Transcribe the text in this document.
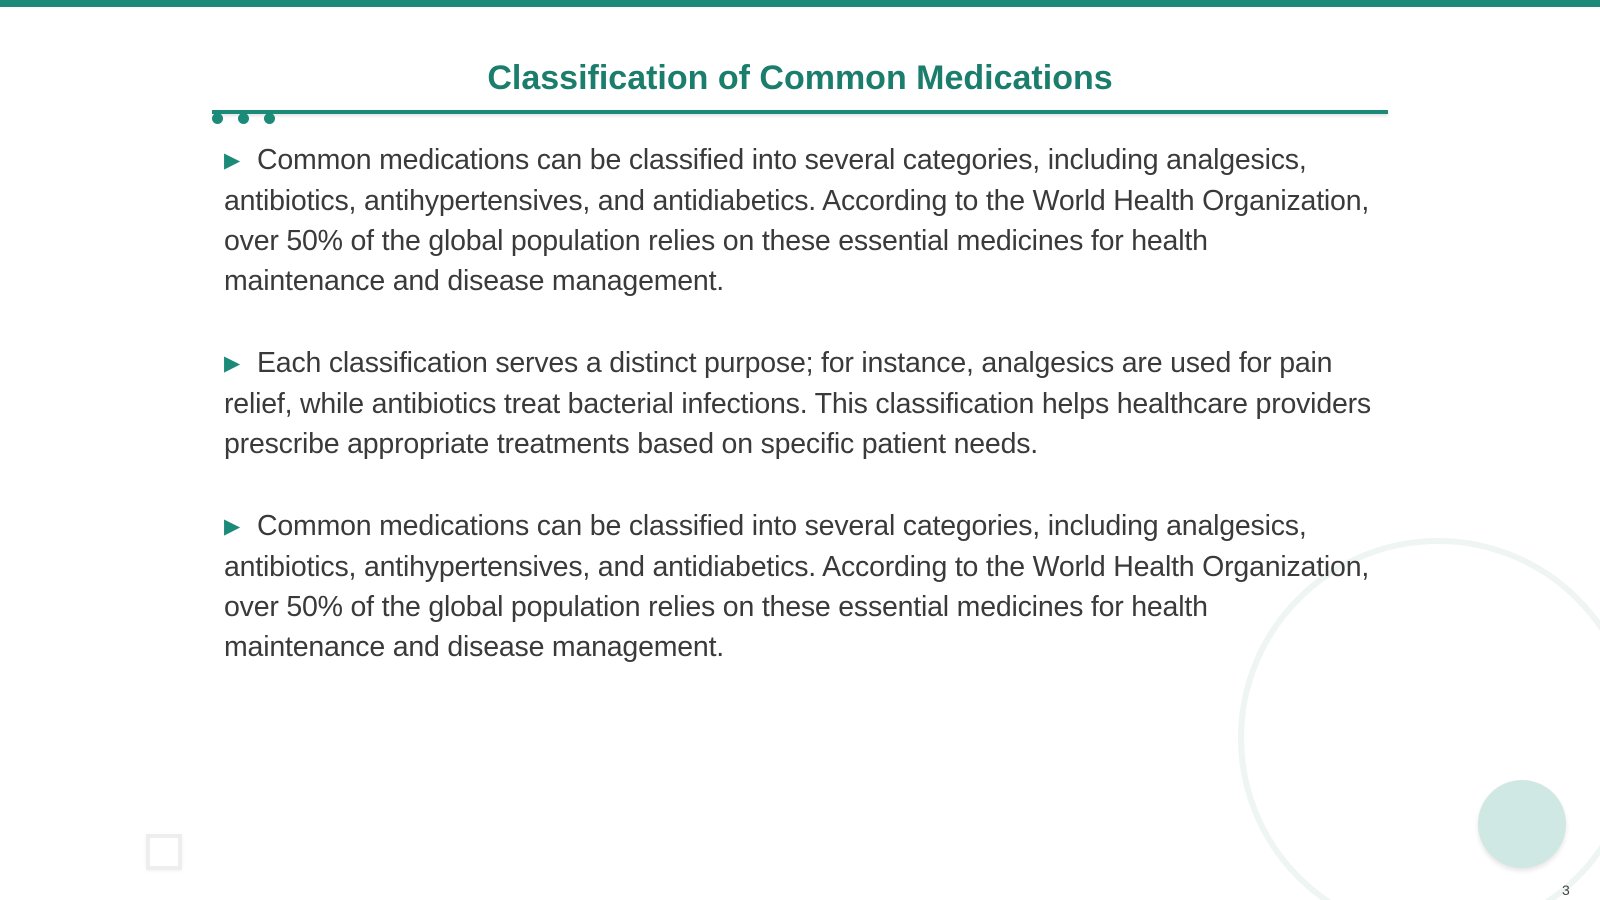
Classification of Common Medications

▶ Common medications can be classified into several categories, including analgesics, antibiotics, antihypertensives, and antidiabetics. According to the World Health Organization, over 50% of the global population relies on these essential medicines for health maintenance and disease management.

▶ Each classification serves a distinct purpose; for instance, analgesics are used for pain relief, while antibiotics treat bacterial infections. This classification helps healthcare providers prescribe appropriate treatments based on specific patient needs.

▶ Common medications can be classified into several categories, including analgesics, antibiotics, antihypertensives, and antidiabetics. According to the World Health Organization, over 50% of the global population relies on these essential medicines for health maintenance and disease management.

3
